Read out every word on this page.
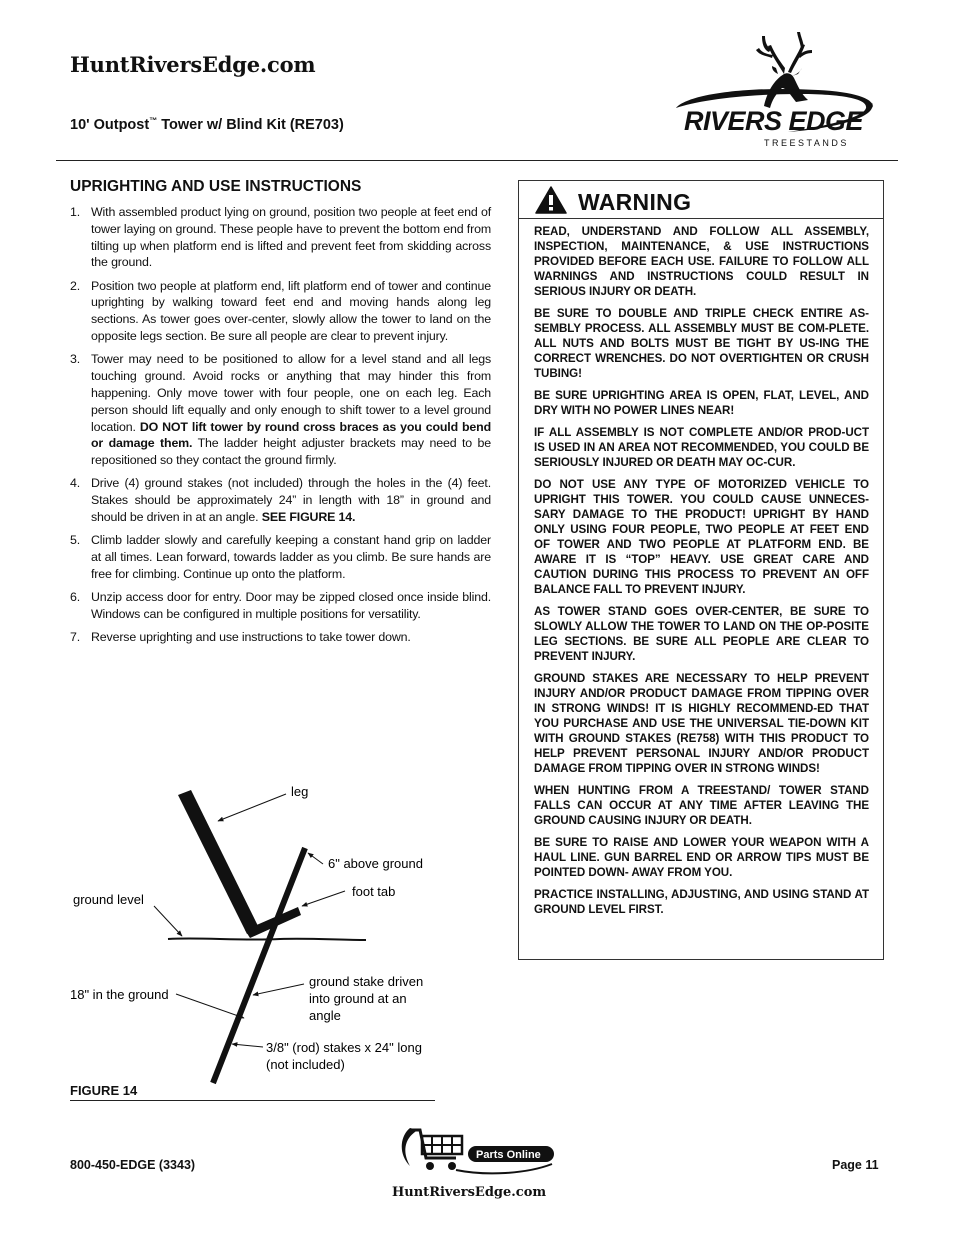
HuntRiversEdge.com
10' Outpost™ Tower w/ Blind Kit (RE703)	RIVERS EDGE ®
TREESTANDS
UPRIGHTING AND USE INSTRUCTIONS
1. With assembled product lying on ground, position two people at feet end of tower laying on ground. These people have to prevent the bottom end from tilting up when platform end is lifted and prevent feet from skidding across the ground.
2. Position two people at platform end, lift platform end of tower and continue uprighting by walking toward feet end and moving hands along leg sections. As tower goes over-center, slowly allow the tower to land on the opposite legs section. Be sure all people are clear to prevent injury.
3. Tower may need to be positioned to allow for a level stand and all legs touching ground. Avoid rocks or anything that may hinder this from happening. Only move tower with four people, one on each leg. Each person should lift equally and only enough to shift tower to a level ground location. DO NOT lift tower by round cross braces as you could bend or damage them. The ladder height adjuster brackets may need to be repositioned so they contact the ground firmly.
4. Drive (4) ground stakes (not included) through the holes in the (4) feet. Stakes should be approximately 24” in length with 18” in ground and should be driven in at an angle. SEE FIGURE 14.
5. Climb ladder slowly and carefully keeping a constant hand grip on ladder at all times. Lean forward, towards ladder as you climb. Be sure hands are free for climbing. Continue up onto the platform.
6. Unzip access door for entry. Door may be zipped closed once inside blind. Windows can be configured in multiple positions for versatility.
7. Reverse uprighting and use instructions to take tower down.
WARNING

READ, UNDERSTAND AND FOLLOW ALL ASSEMBLY, INSPECTION, MAINTENANCE, & USE INSTRUCTIONS PROVIDED BEFORE EACH USE. FAILURE TO FOLLOW ALL WARNINGS AND INSTRUCTIONS COULD RESULT IN SERIOUS INJURY OR DEATH.

BE SURE TO DOUBLE AND TRIPLE CHECK ENTIRE AS-SEMBLY PROCESS. ALL ASSEMBLY MUST BE COM-PLETE. ALL NUTS AND BOLTS MUST BE TIGHT BY US-ING THE CORRECT WRENCHES. DO NOT OVERTIGHTEN OR CRUSH TUBING!

BE SURE UPRIGHTING AREA IS OPEN, FLAT, LEVEL, AND DRY WITH NO POWER LINES NEAR!

IF ALL ASSEMBLY IS NOT COMPLETE AND/OR PROD-UCT IS USED IN AN AREA NOT RECOMMENDED, YOU COULD BE SERIOUSLY INJURED OR DEATH MAY OC-CUR.

DO NOT USE ANY TYPE OF MOTORIZED VEHICLE TO UPRIGHT THIS TOWER. YOU COULD CAUSE UNNECES-SARY DAMAGE TO THE PRODUCT! UPRIGHT BY HAND ONLY USING FOUR PEOPLE, TWO PEOPLE AT FEET END OF TOWER AND TWO PEOPLE AT PLATFORM END. BE AWARE IT IS “TOP” HEAVY. USE GREAT CARE AND CAUTION DURING THIS PROCESS TO PREVENT AN OFF BALANCE FALL TO PREVENT INJURY.

AS TOWER STAND GOES OVER-CENTER, BE SURE TO SLOWLY ALLOW THE TOWER TO LAND ON THE OP-POSITE LEG SECTIONS. BE SURE ALL PEOPLE ARE CLEAR TO PREVENT INJURY.

GROUND STAKES ARE NECESSARY TO HELP PREVENT INJURY AND/OR PRODUCT DAMAGE FROM TIPPING OVER IN STRONG WINDS! IT IS HIGHLY RECOMMEND-ED THAT YOU PURCHASE AND USE THE UNIVERSAL TIE-DOWN KIT WITH GROUND STAKES (RE758) WITH THIS PRODUCT TO HELP PREVENT PERSONAL INJURY AND/OR PRODUCT DAMAGE FROM TIPPING OVER IN STRONG WINDS!

WHEN HUNTING FROM A TREESTAND/ TOWER STAND FALLS CAN OCCUR AT ANY TIME AFTER LEAVING THE GROUND CAUSING INJURY OR DEATH.

BE SURE TO RAISE AND LOWER YOUR WEAPON WITH A HAUL LINE. GUN BARREL END OR ARROW TIPS MUST BE POINTED DOWN- AWAY FROM YOU.

PRACTICE INSTALLING, ADJUSTING, AND USING STAND AT GROUND LEVEL FIRST.

leg
6" above ground
foot tab
ground level
ground stake driven
into ground at an
angle
18" in the ground
3/8" (rod) stakes x 24" long
(not included)
FIGURE 14
800-450-EDGE (3343)	Page 11
Parts Online
HuntRiversEdge.com
